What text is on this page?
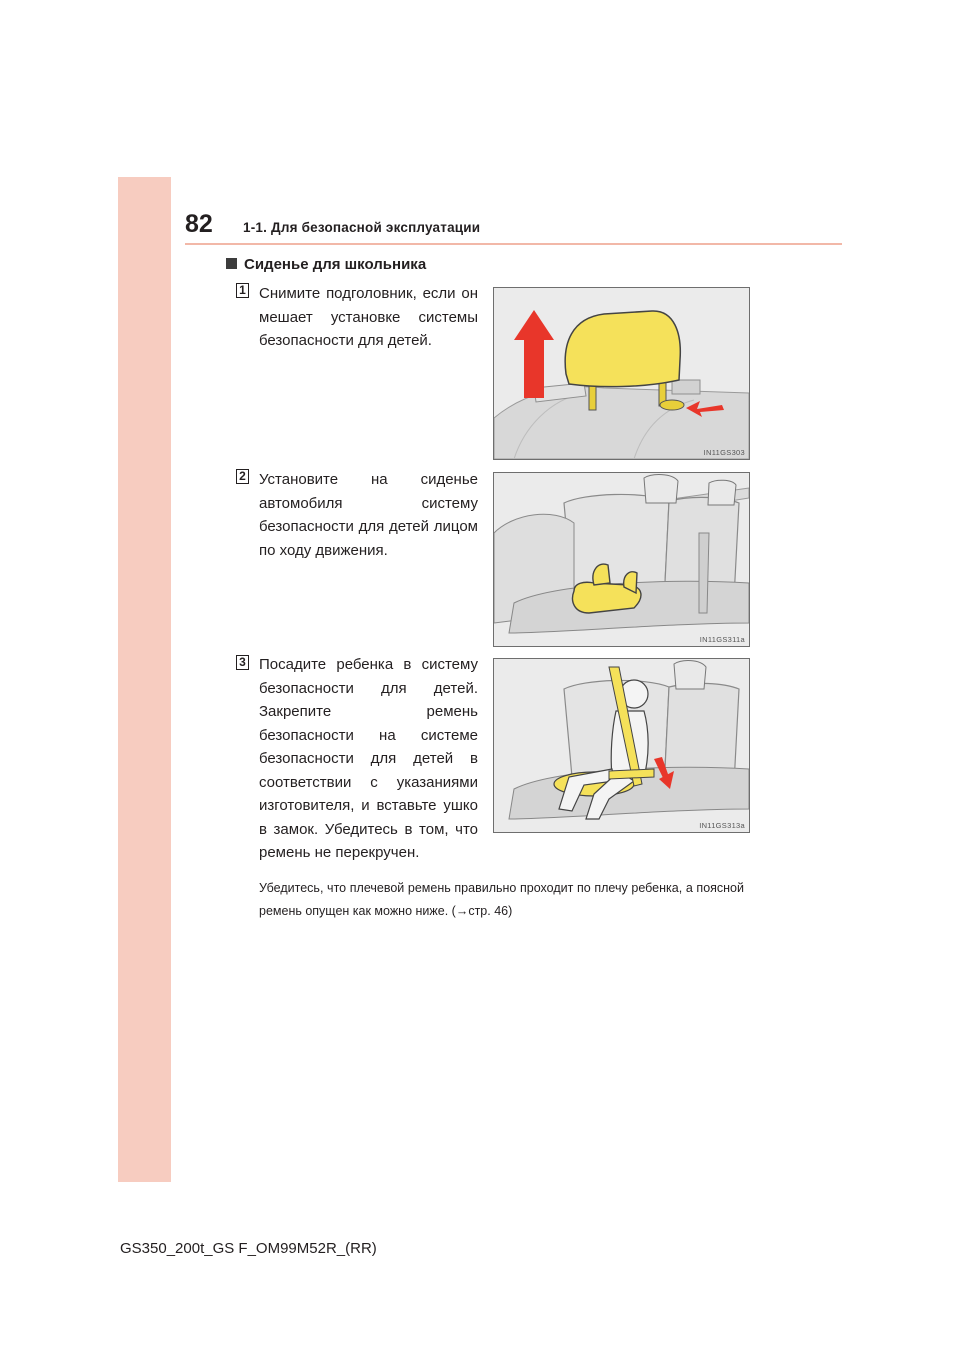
82 1-1. Для безопасной эксплуатации
Сиденье для школьника
1 Снимите подголовник, если он мешает установке системы безопасности для детей.
IN11GS303
2 Установите на сиденье автомобиля систему безопасности для детей лицом по ходу движения.
IN11GS311a
3 Посадите ребенка в систему безопасности для детей. Закрепите ремень безопасности на системе безопасности для детей в соответствии с указаниями изготовителя, и вставьте ушко в замок. Убедитесь в том, что ремень не перекручен.
IN11GS313a
Убедитесь, что плечевой ремень правильно проходит по плечу ребенка, а поясной ремень опущен как можно ниже. (→стр. 46)
GS350_200t_GS F_OM99M52R_(RR)
